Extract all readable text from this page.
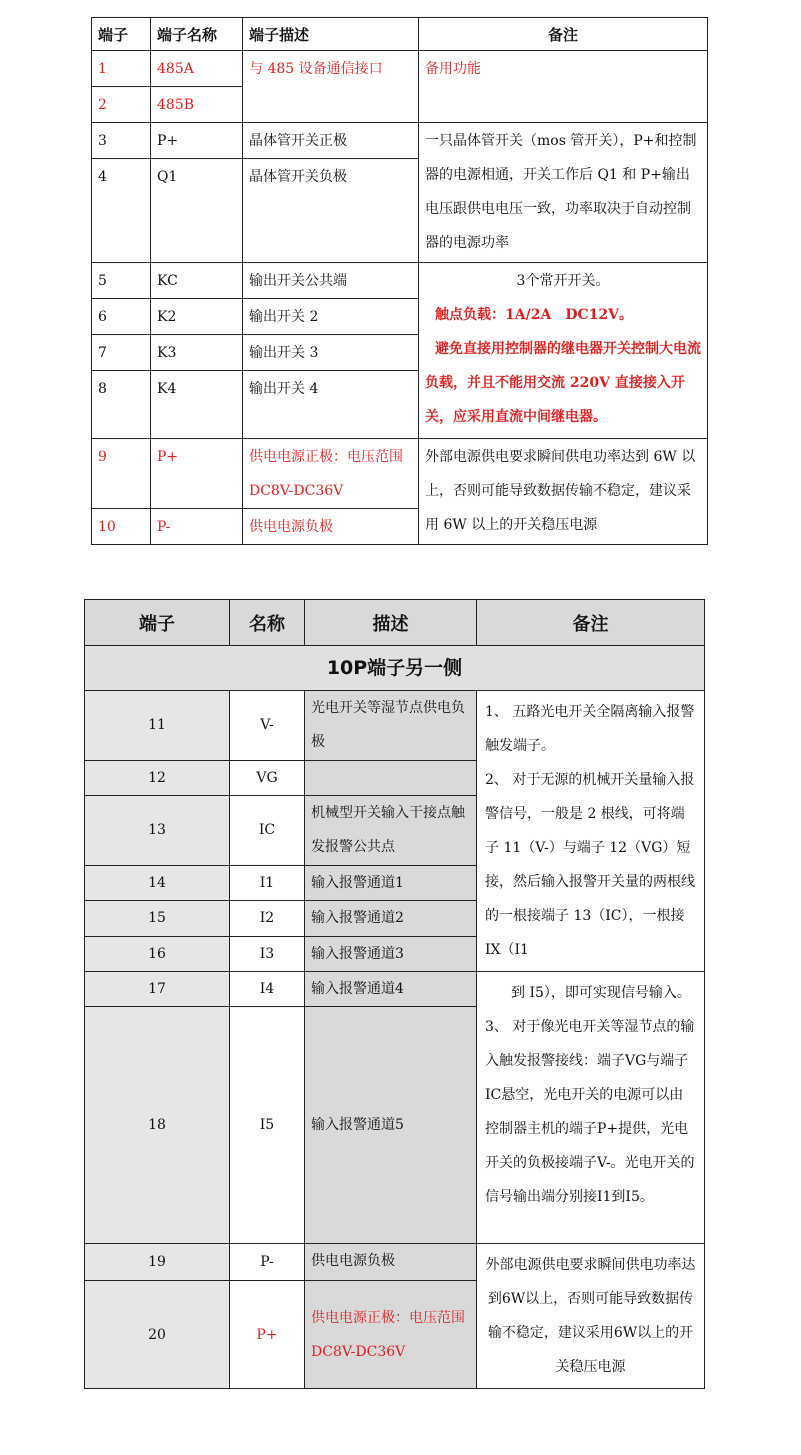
端子	端子名称	端子描述	备注
1	485A	与 485 设备通信接口	备用功能
2	485B		
3	P+	晶体管开关正极	一只晶体管开关（mos 管开关），P+和控制器的电源相通，开关工作后 Q1 和 P+输出电压跟供电电压一致，功率取决于自动控制器的电源功率
4	Q1	晶体管开关负极	
5	KC	输出开关公共端	3个常开开关。
触点负载：1A/2A　DC12V。
避免直接用控制器的继电器开关控制大电流负载，并且不能用交流 220V 直接接入开关，应采用直流中间继电器。

6	K2	输出开关 2	
7	K3	输出开关 3	
8	K4	输出开关 4	
9	P+	供电电源正极：电压范围 DC8V-DC36V	外部电源供电要求瞬间供电功率达到 6W 以上，否则可能导致数据传输不稳定，建议采用 6W 以上的开关稳压电源
10	P-	供电电源负极	
端子	名称	描述	备注
10P端子另一侧			
11	V-	光电开关等湿节点供电负极	1、 五路光电开关全隔离输入报警触发端子。

2、 对于无源的机械开关量输入报警信号，一般是 2 根线，可将端子 11（V-）与端子 12（VG）短接，然后输入报警开关量的两根线的一根接端子 13（IC），一根接 IX（I1

12	VG		
13	IC	机械型开关输入干接点触发报警公共点	
14	I1	输入报警通道1	
15	I2	输入报警通道2	
16	I3	输入报警通道3	
17	I4	输入报警通道4	到 I5），即可实现信号输入。

3、 对于像光电开关等湿节点的输入触发报警接线：端子VG与端子IC悬空，光电开关的电源可以由控制器主机的端子P+提供，光电开关的负极接端子V-。光电开关的信号输出端分别接I1到I5。

18	I5	输入报警通道5	
19	P-	供电电源负极	外部电源供电要求瞬间供电功率达到6W以上，否则可能导致数据传输不稳定，建议采用6W以上的开关稳压电源
20	P+	供电电源正极：电压范围DC8V-DC36V	
